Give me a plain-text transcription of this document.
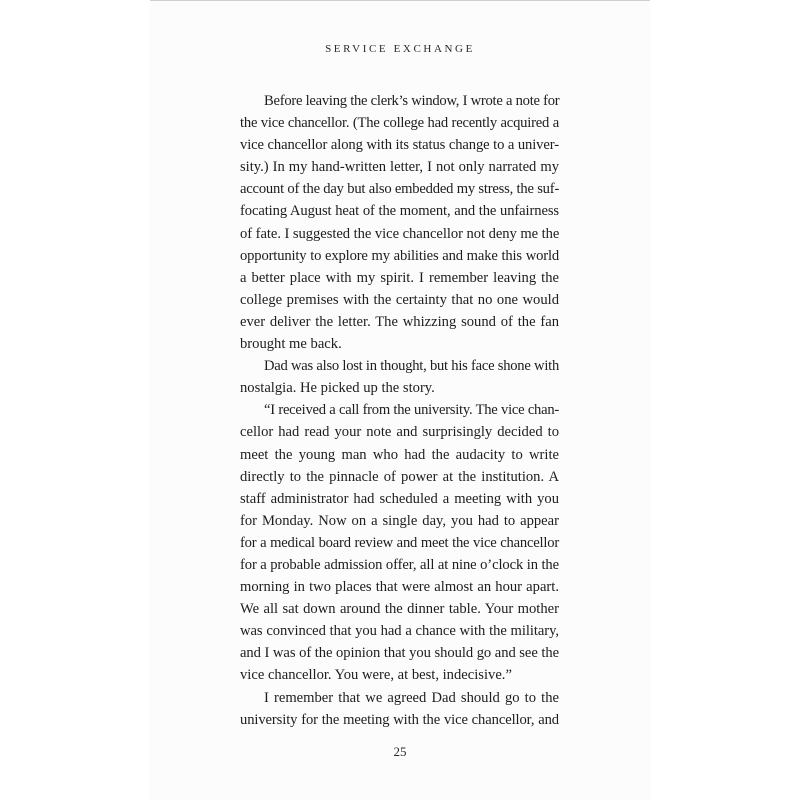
SERVICE EXCHANGE
Before leaving the clerk’s window, I wrote a note for
the vice chancellor. (The college had recently acquired a
vice chancellor along with its status change to a univer-
sity.) In my hand-written letter, I not only narrated my
account of the day but also embedded my stress, the suf-
focating August heat of the moment, and the unfairness
of fate. I suggested the vice chancellor not deny me the
opportunity to explore my abilities and make this world
a better place with my spirit. I remember leaving the
college premises with the certainty that no one would
ever deliver the letter. The whizzing sound of the fan
brought me back.
Dad was also lost in thought, but his face shone with
nostalgia. He picked up the story.
“I received a call from the university. The vice chan-
cellor had read your note and surprisingly decided to
meet the young man who had the audacity to write
directly to the pinnacle of power at the institution. A
staff administrator had scheduled a meeting with you
for Monday. Now on a single day, you had to appear
for a medical board review and meet the vice chancellor
for a probable admission offer, all at nine o’clock in the
morning in two places that were almost an hour apart.
We all sat down around the dinner table. Your mother
was convinced that you had a chance with the military,
and I was of the opinion that you should go and see the
vice chancellor. You were, at best, indecisive.”
I remember that we agreed Dad should go to the
university for the meeting with the vice chancellor, and
25
